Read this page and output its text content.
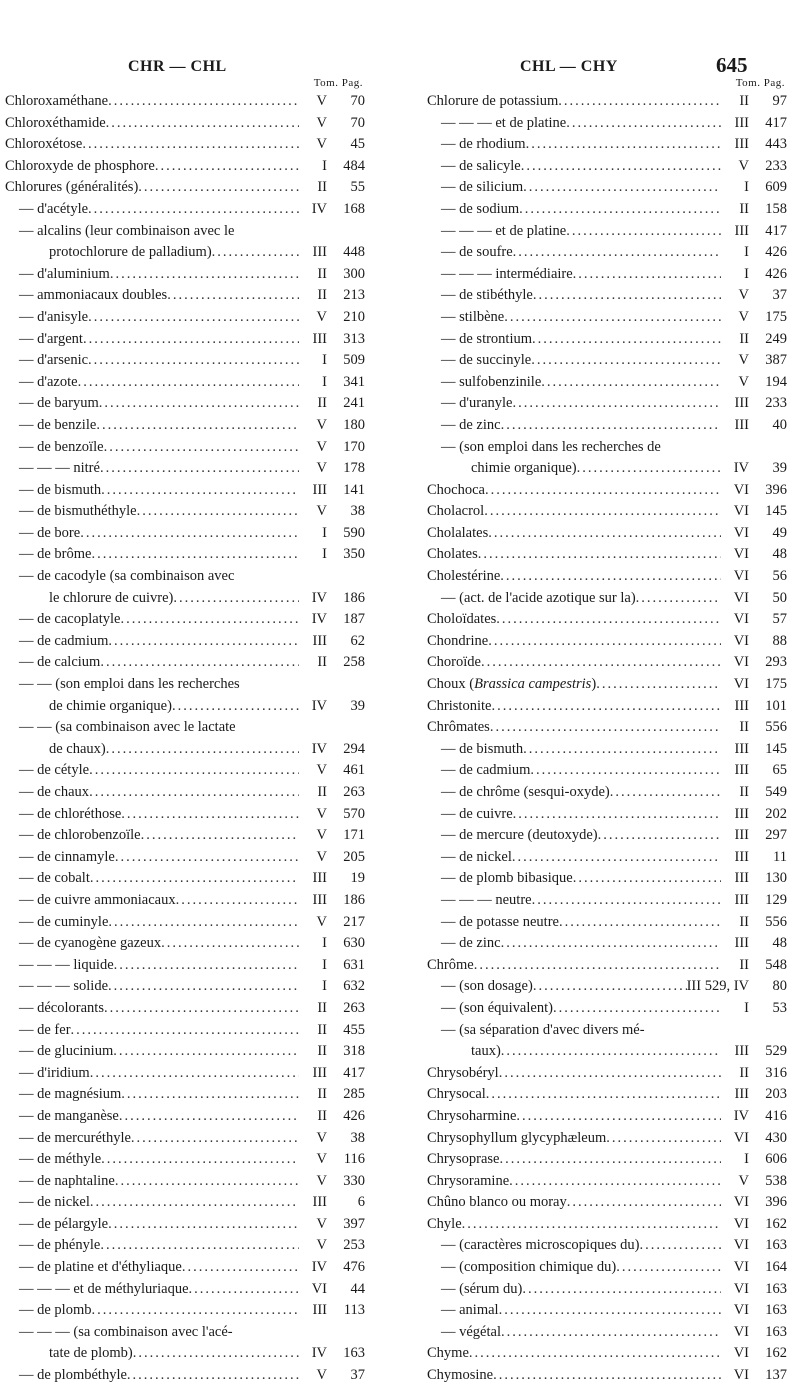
CHR — CHL	CHL — CHY	645
Tom. Pag.
Chloroxaméthane .....	V	70
Chloroxéthamide .....	V	70
Chloroxétose .....	V	45
Chloroxyde de phosphore .....	I	484
Chlorures (généralités) .....	II	55
— d'acétyle .....	IV	168
— alcalins (leur combinaison avec le
protochlorure de palladium) .....	III	448
— d'aluminium .....	II	300
— ammoniacaux doubles .....	II	213
— d'anisyle .....	V	210
— d'argent .....	III	313
— d'arsenic .....	I	509
— d'azote .....	I	341
— de baryum .....	II	241
— de benzile .....	V	180
— de benzoïle .....	V	170
— — — nitré .....	V	178
— de bismuth .....	III	141
— de bismuthéthyle .....	V	38
— de bore .....	I	590
— de brôme .....	I	350
— de cacodyle (sa combinaison avec
le chlorure de cuivre) .....	IV	186
— de cacoplatyle .....	IV	187
— de cadmium .....	III	62
— de calcium .....	II	258
— — (son emploi dans les recherches
de chimie organique) .....	IV	39
— — (sa combinaison avec le lactate
de chaux) .....	IV	294
— de cétyle .....	V	461
— de chaux .....	II	263
— de chloréthose .....	V	570
— de chlorobenzoïle .....	V	171
— de cinnamyle .....	V	205
— de cobalt .....	III	19
— de cuivre ammoniacaux .....	III	186
— de cuminyle .....	V	217
— de cyanogène gazeux .....	I	630
— — — liquide .....	I	631
— — — solide .....	I	632
— décolorants .....	II	263
— de fer .....	II	455
— de glucinium .....	II	318
— d'iridium .....	III	417
— de magnésium .....	II	285
— de manganèse .....	II	426
— de mercuréthyle .....	V	38
— de méthyle .....	V	116
— de naphtaline .....	V	330
— de nickel .....	III	6
— de pélargyle .....	V	397
— de phényle .....	V	253
— de platine et d'éthyliaque .....	IV	476
— — — et de méthyluriaque .....	VI	44
— de plomb .....	III	113
— — — (sa combinaison avec l'acé-
tate de plomb) .....	IV	163
— de plombéthyle .....	V	37
Tom. Pag.
Chlorure de potassium .....	II	97
— — — et de platine .....	III	417
— de rhodium .....	III	443
— de salicyle .....	V	233
— de silicium .....	I	609
— de sodium .....	II	158
— — — et de platine .....	III	417
— de soufre .....	I	426
— — — intermédiaire .....	I	426
— de stibéthyle .....	V	37
— stilbène .....	V	175
— de strontium .....	II	249
— de succinyle .....	V	387
— sulfobenzinile .....	V	194
— d'uranyle .....	III	233
— de zinc .....	III	40
— (son emploi dans les recherches de
chimie organique) .....	IV	39
Chochoca .....	VI	396
Cholacrol .....	VI	145
Cholalates .....	VI	49
Cholates .....	VI	48
Cholestérine .....	VI	56
— (act. de l'acide azotique sur la) .....	VI	50
Choloïdates .....	VI	57
Chondrine .....	VI	88
Choroïde .....	VI	293
Choux (Brassica campestris) .....	VI	175
Christonite .....	III	101
Chrômates .....	II	556
— de bismuth .....	III	145
— de cadmium .....	III	65
— de chrôme (sesqui-oxyde) .....	II	549
— de cuivre .....	III	202
— de mercure (deutoxyde) .....	III	297
— de nickel .....	III	11
— de plomb bibasique .....	III	130
— — — neutre .....	III	129
— de potasse neutre .....	II	556
— de zinc .....	III	48
Chrôme .....	II	548
— (son dosage) .....	III 529, IV	80
— (son équivalent) .....	I	53
— (sa séparation d'avec divers mé-
taux) .....	III	529
Chrysobéryl .....	II	316
Chrysocal .....	III	203
Chrysoharmine .....	IV	416
Chrysophyllum glycyphæleum .....	VI	430
Chrysoprase .....	I	606
Chrysoramine .....	V	538
Chûno blanco ou moray .....	VI	396
Chyle .....	VI	162
— (caractères microscopiques du) .....	VI	163
— (composition chimique du) .....	VI	164
— (sérum du) .....	VI	163
— animal .....	VI	163
— végétal .....	VI	163
Chyme .....	VI	162
Chymosine .....	VI	137
